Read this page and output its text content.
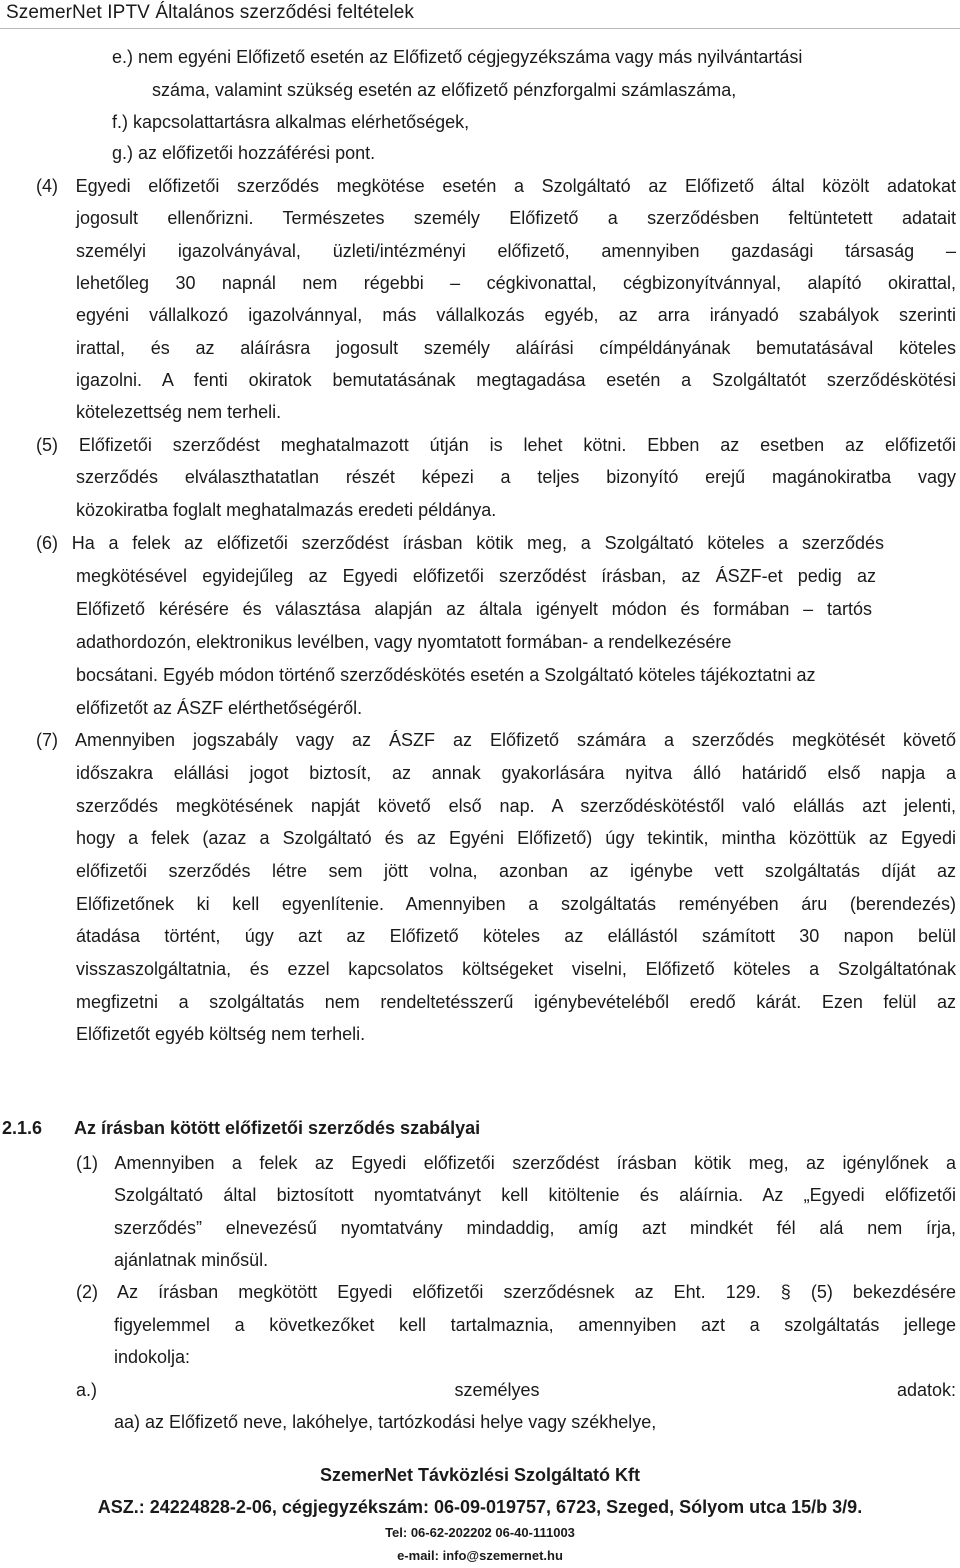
SzemerNet IPTV Általános szerződési feltételek
e.) nem egyéni Előfizető esetén az Előfizető cégjegyzékszáma vagy más nyilvántartási
száma, valamint szükség esetén az előfizető pénzforgalmi számlaszáma,
f.) kapcsolattartásra alkalmas elérhetőségek,
g.) az előfizetői hozzáférési pont.
(4) Egyedi előfizetői szerződés megkötése esetén a Szolgáltató az Előfizető által közölt adatokat
jogosult ellenőrizni. Természetes személy Előfizető a szerződésben feltüntetett adatait
személyi igazolványával, üzleti/intézményi előfizető, amennyiben gazdasági társaság –
lehetőleg 30 napnál nem régebbi – cégkivonattal, cégbizonyítvánnyal, alapító okirattal,
egyéni vállalkozó igazolvánnyal, más vállalkozás egyéb, az arra irányadó szabályok szerinti
irattal, és az aláírásra jogosult személy aláírási címpéldányának bemutatásával köteles
igazolni. A fenti okiratok bemutatásának megtagadása esetén a Szolgáltatót szerződéskötési
kötelezettség nem terheli.
(5) Előfizetői szerződést meghatalmazott útján is lehet kötni. Ebben az esetben az előfizetői
szerződés elválaszthatatlan részét képezi a teljes bizonyító erejű magánokiratba vagy
közokiratba foglalt meghatalmazás eredeti példánya.
(6) Ha a felek az előfizetői szerződést írásban kötik meg, a Szolgáltató köteles a szerződés
megkötésével egyidejűleg az Egyedi előfizetői szerződést írásban, az ÁSZF-et pedig az
Előfizető kérésére és választása alapján az általa igényelt módon és formában – tartós
adathordozón, elektronikus levélben, vagy nyomtatott formában- a rendelkezésére
bocsátani. Egyéb módon történő szerződéskötés esetén a Szolgáltató köteles tájékoztatni az
előfizetőt az ÁSZF elérthetőségéről.
(7) Amennyiben jogszabály vagy az ÁSZF az Előfizető számára a szerződés megkötését követő
időszakra elállási jogot biztosít, az annak gyakorlására nyitva álló határidő első napja a
szerződés megkötésének napját követő első nap. A szerződéskötéstől való elállás azt jelenti,
hogy a felek (azaz a Szolgáltató és az Egyéni Előfizető) úgy tekintik, mintha közöttük az Egyedi
előfizetői szerződés létre sem jött volna, azonban az igénybe vett szolgáltatás díját az
Előfizetőnek ki kell egyenlítenie. Amennyiben a szolgáltatás reményében áru (berendezés)
átadása történt, úgy azt az Előfizető köteles az elállástól számított 30 napon belül
visszaszolgáltatnia, és ezzel kapcsolatos költségeket viselni, Előfizető köteles a Szolgáltatónak
megfizetni a szolgáltatás nem rendeltetésszerű igénybevételéből eredő kárát. Ezen felül az
Előfizetőt egyéb költség nem terheli.
2.1.6 Az írásban kötött előfizetői szerződés szabályai
(1) Amennyiben a felek az Egyedi előfizetői szerződést írásban kötik meg, az igénylőnek a
Szolgáltató által biztosított nyomtatványt kell kitöltenie és aláírnia. Az „Egyedi előfizetői
szerződés” elnevezésű nyomtatvány mindaddig, amíg azt mindkét fél alá nem írja,
ajánlatnak minősül.
(2) Az írásban megkötött Egyedi előfizetői szerződésnek az Eht. 129. § (5) bekezdésére
figyelemmel a következőket kell tartalmaznia, amennyiben azt a szolgáltatás jellege
indokolja:
a.) személyes adatok:
aa) az Előfizető neve, lakóhelye, tartózkodási helye vagy székhelye,
SzemerNet Távközlési Szolgáltató Kft
ASZ.: 24224828-2-06, cégjegyzékszám: 06-09-019757, 6723, Szeged, Sólyom utca 15/b 3/9.
Tel: 06-62-202202 06-40-111003
e-mail: info@szemernet.hu
